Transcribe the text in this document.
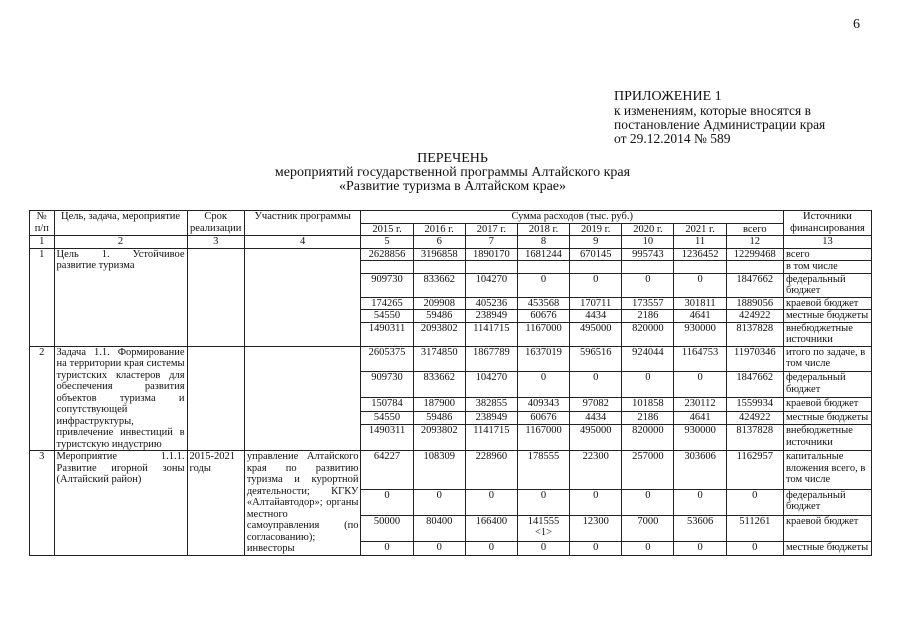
6
ПРИЛОЖЕНИЕ 1
к изменениям, которые вносятся в
постановление Администрации края
от 29.12.2014 № 589
ПЕРЕЧЕНЬ
мероприятий государственной программы Алтайского края
«Развитие туризма в Алтайском крае»
№ п/п	Цель, задача, мероприятие	Срок реализации	Участник программы	Сумма расходов (тыс. руб.)								Источники финансирования
				2015 г.	2016 г.	2017 г.	2018 г.	2019 г.	2020 г.	2021 г.	всего	
1	2	3	4	5	6	7	8	9	10	11	12	13
1	Цель 1. Устойчивое развитие туризма			2628856	3196858	1890170	1681244	670145	995743	1236452	12299468	всего
												в том числе
				909730	833662	104270	0	0	0	0	1847662	федеральный бюджет
				174265	209908	405236	453568	170711	173557	301811	1889056	краевой бюджет
				54550	59486	238949	60676	4434	2186	4641	424922	местные бюджеты
				1490311	2093802	1141715	1167000	495000	820000	930000	8137828	внебюджетные источники
2	Задача 1.1. Формирование на территории края системы туристских кластеров для обеспечения развития объектов туризма и сопутствующей инфраструктуры, привлечение инвестиций в туристскую индустрию			2605375	3174850	1867789	1637019	596516	924044	1164753	11970346	итого по задаче, в том числе
				909730	833662	104270	0	0	0	0	1847662	федеральный бюджет
				150784	187900	382855	409343	97082	101858	230112	1559934	краевой бюджет
				54550	59486	238949	60676	4434	2186	4641	424922	местные бюджеты
				1490311	2093802	1141715	1167000	495000	820000	930000	8137828	внебюджетные источники
3	Мероприятие 1.1.1. Развитие игорной зоны (Алтайский район)	2015-2021 годы	управление Алтайского края по развитию туризма и курортной деятельности; КГКУ «Алтайавтодор»; органы местного самоуправления (по согласованию); инвесторы	64227	108309	228960	178555	22300	257000	303606	1162957	капитальные вложения всего, в том числе
				0	0	0	0	0	0	0	0	федеральный бюджет
				50000	80400	166400	141555 <1>	12300	7000	53606	511261	краевой бюджет
				0	0	0	0	0	0	0	0	местные бюджеты
